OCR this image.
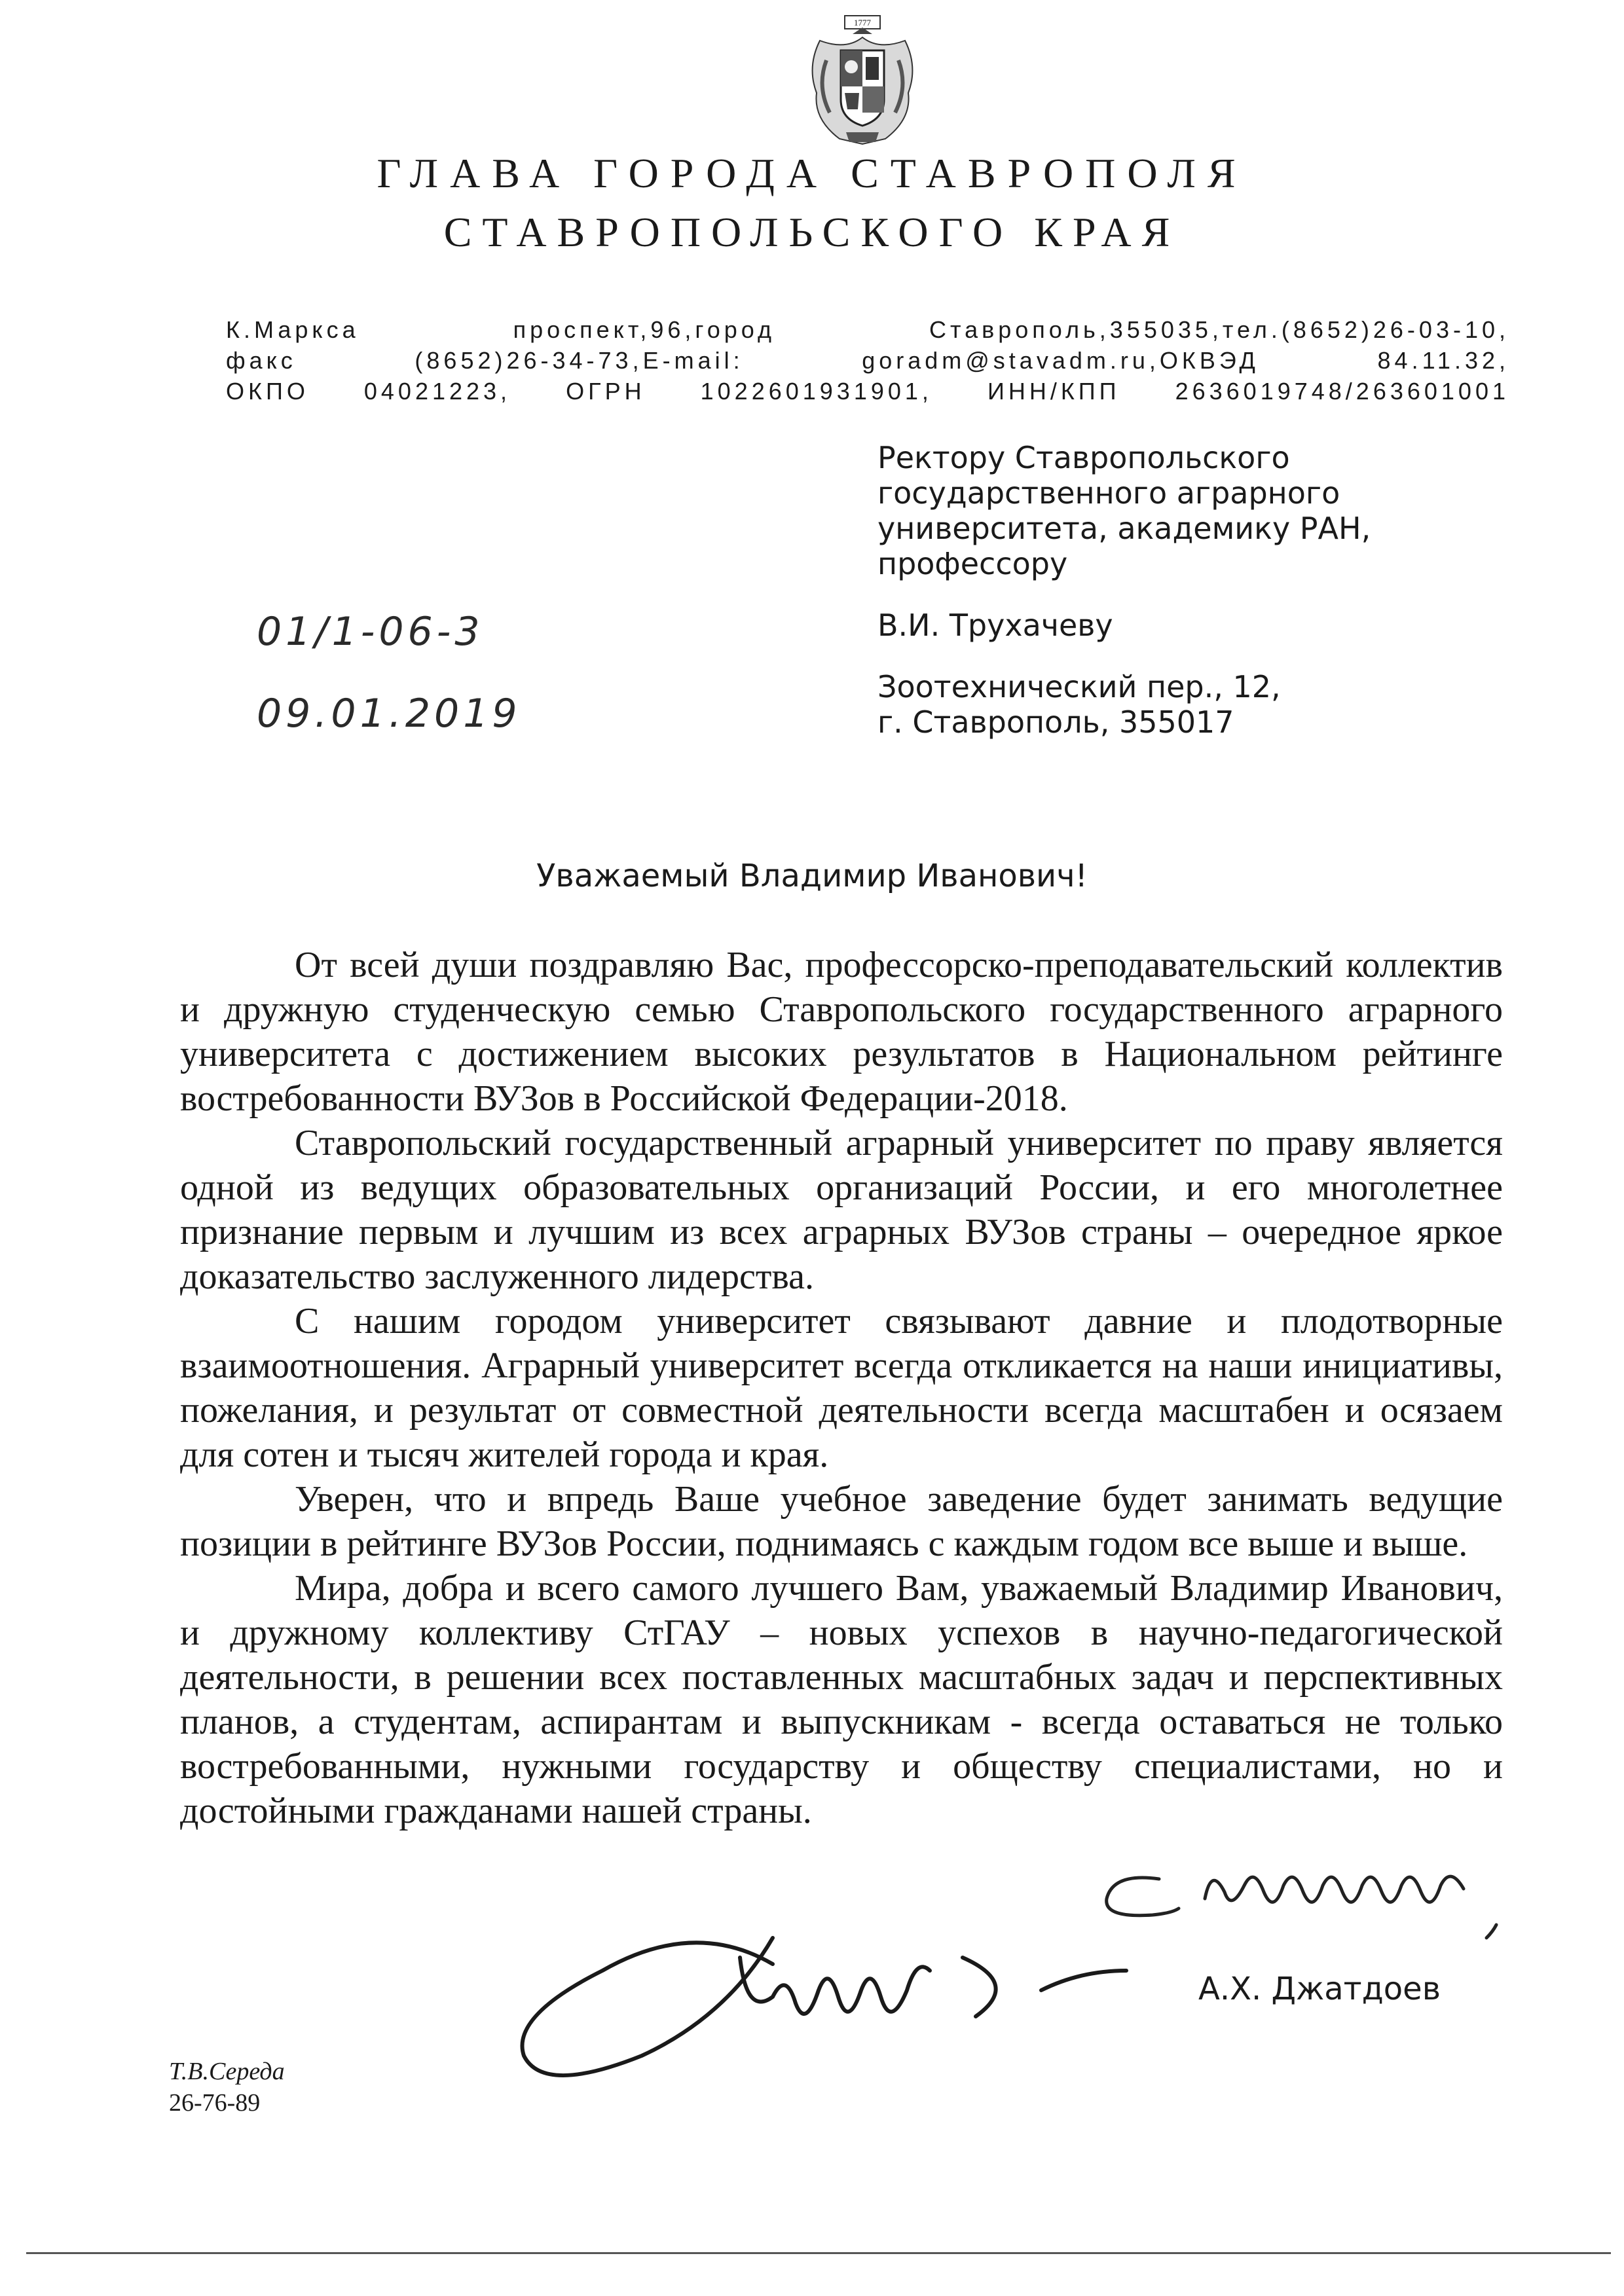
1777
ГЛАВА ГОРОДА СТАВРОПОЛЯ
СТАВРОПОЛЬСКОГО КРАЯ
К.Маркса проспект,96,город Ставрополь,355035,тел.(8652)26-03-10,
факс (8652)26-34-73,E-mail: goradm@stavadm.ru,ОКВЭД 84.11.32,
ОКПО 04021223, ОГРН 1022601931901, ИНН/КПП 2636019748/263601001
Ректору Ставропольского
государственного аграрного
университета, академику РАН,
профессору
В.И. Трухачеву
Зоотехнический пер., 12,
г. Ставрополь, 355017
01/1-06-3
09.01.2019
Уважаемый Владимир Иванович!

От всей души поздравляю Вас, профессорско-преподавательский коллектив и дружную студенческую семью Ставропольского государственного аграрного университета с достижением высоких результатов в Национальном рейтинге востребованности ВУЗов в Российской Федерации-2018.

Ставропольский государственный аграрный университет по праву является одной из ведущих образовательных организаций России, и его многолетнее признание первым и лучшим из всех аграрных ВУЗов страны – очередное яркое доказательство заслуженного лидерства.

С нашим городом университет связывают давние и плодотворные взаимоотношения. Аграрный университет всегда откликается на наши инициативы, пожелания, и результат от совместной деятельности всегда масштабен и осязаем для сотен и тысяч жителей города и края.

Уверен, что и впредь Ваше учебное заведение будет занимать ведущие позиции в рейтинге ВУЗов России, поднимаясь с каждым годом все выше и выше.

Мира, добра и всего самого лучшего Вам, уважаемый Владимир Иванович, и дружному коллективу СтГАУ – новых успехов в научно-педагогической деятельности, в решении всех поставленных масштабных задач и перспективных планов, а студентам, аспирантам и выпускникам - всегда оставаться не только востребованными, нужными государству и обществу специалистами, но и достойными гражданами нашей страны.

А.Х. Джатдоев
Т.В.Середа
26-76-89
